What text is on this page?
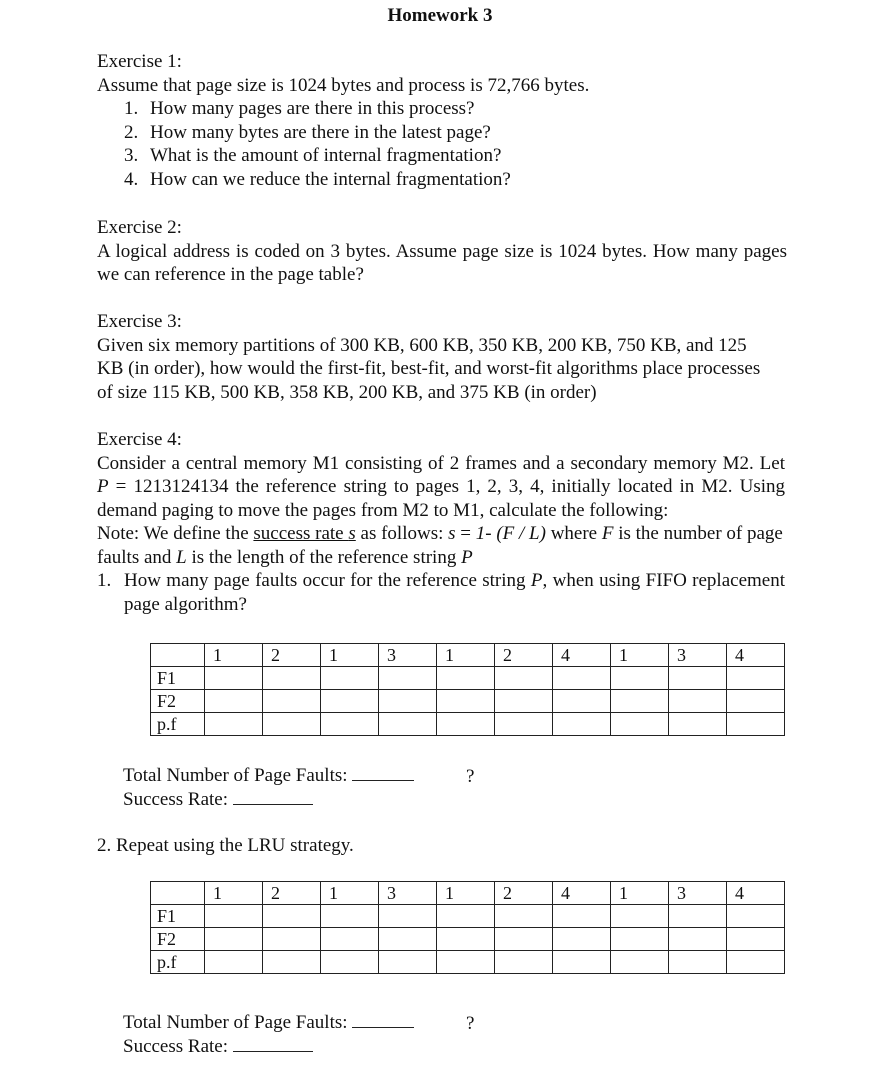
Homework 3
Exercise 1:
Assume that page size is 1024 bytes and process is 72,766 bytes.
1. How many pages are there in this process?
2. How many bytes are there in the latest page?
3. What is the amount of internal fragmentation?
4. How can we reduce the internal fragmentation?
Exercise 2:
A logical address is coded on 3 bytes. Assume page size is 1024 bytes. How many pages we can reference in the page table?
Exercise 3:
Given six memory partitions of 300 KB, 600 KB, 350 KB, 200 KB, 750 KB, and 125 KB (in order), how would the first-fit, best-fit, and worst-fit algorithms place processes of size 115 KB, 500 KB, 358 KB, 200 KB, and 375 KB (in order)
Exercise 4:
Consider a central memory M1 consisting of 2 frames and a secondary memory M2. Let P = 1213124134 the reference string to pages 1, 2, 3, 4, initially located in M2. Using demand paging to move the pages from M2 to M1, calculate the following:
Note: We define the success rate s as follows: s = 1- (F / L) where F is the number of page faults and L is the length of the reference string P
1. How many page faults occur for the reference string P, when using FIFO replacement page algorithm?
	1	2	1	3	1	2	4	1	3	4
F1										
F2										
p.f										
Total Number of Page Faults:	?
Success Rate:
2. Repeat using the LRU strategy.
	1	2	1	3	1	2	4	1	3	4
F1										
F2										
p.f										
Total Number of Page Faults:	?
Success Rate:
